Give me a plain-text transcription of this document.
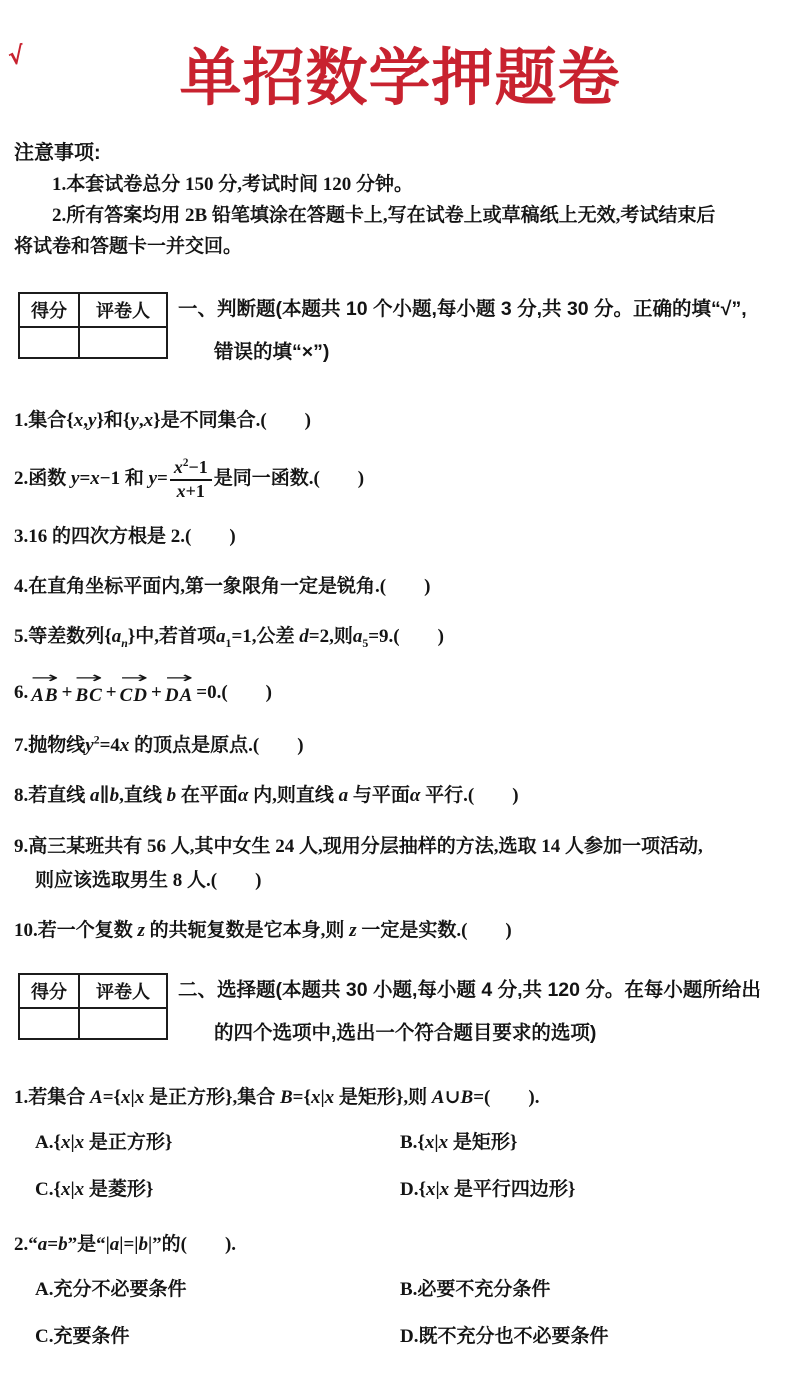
√	单招数学押题卷
注意事项:
1.本套试卷总分 150 分,考试时间 120 分钟。
2.所有答案均用 2B 铅笔填涂在答题卡上,写在试卷上或草稿纸上无效,考试结束后
将试卷和答题卡一并交回。
得分	评卷人
	一、判断题(本题共 10 个小题,每小题 3 分,共 30 分。正确的填“√”,
错误的填“×”)
1.集合{x,y}和{y,x}是不同集合.(　　)
2.函数 y=x−1 和 $y= \frac{x^2-1}{x+1}$ 是同一函数.(　　)
3.16 的四次方根是 2.(　　)
4.在直角坐标平面内,第一象限角一定是锐角.(　　)
5.等差数列$\{a_n\}$中,若首项$a_1=1$,公差 d=2,则$a_5=9$.(　　)
6.
→
AB +
→
BC +
→
CD +
→
DA =0.(　　)
7.抛物线$y^2=4x$ 的顶点是原点.(　　)
8.若直线 a∥b,直线 b 在平面α 内,则直线 a 与平面α 平行.(　　)
9.高三某班共有 56 人,其中女生 24 人,现用分层抽样的方法,选取 14 人参加一项活动,
则应该选取男生 8 人.(　　)
10.若一个复数 z 的共轭复数是它本身,则 z 一定是实数.(　　)
得分	评卷人
	二、选择题(本题共 30 小题,每小题 4 分,共 120 分。在每小题所给出
的四个选项中,选出一个符合题目要求的选项)
1.若集合 A={x|x 是正方形},集合 B={x|x 是矩形},则 A∪B=(　　).
A.{x|x 是正方形}	B.{x|x 是矩形}
C.{x|x 是菱形}	D.{x|x 是平行四边形}
2.“a=b”是“|a|=|b|”的(　　).
A.充分不必要条件	B.必要不充分条件
C.充要条件	D.既不充分也不必要条件
